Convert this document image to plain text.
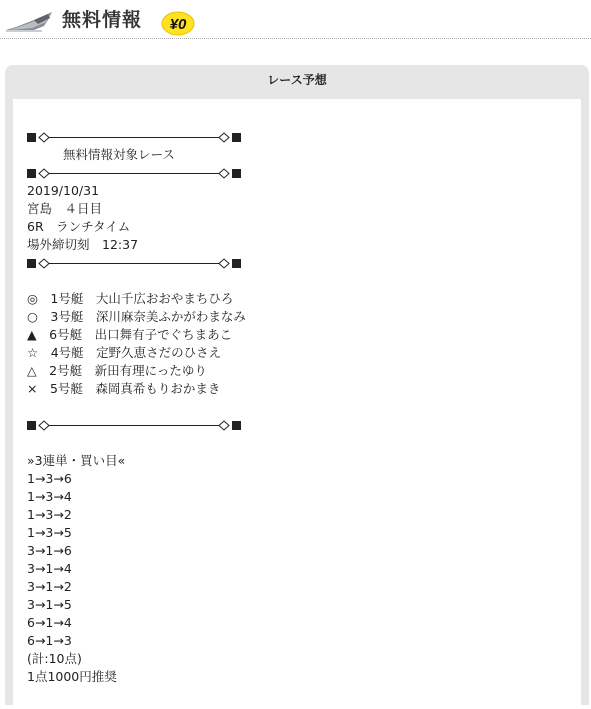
無料情報 ¥0
レース予想
無料情報対象レース
2019/10/31
宮島　４日目
6R　ランチタイム
場外締切刻　12:37
◎　1号艇　大山千広おおやまちひろ
○　3号艇　深川麻奈美ふかがわまなみ
▲　6号艇　出口舞有子でぐちまあこ
☆　4号艇　定野久恵さだのひさえ
△　2号艇　新田有理にったゆり
×　5号艇　森岡真希もりおかまき
»3連単・買い目«
1→3→6
1→3→4
1→3→2
1→3→5
3→1→6
3→1→4
3→1→2
3→1→5
6→1→4
6→1→3
(計:10点)
1点1000円推奨
